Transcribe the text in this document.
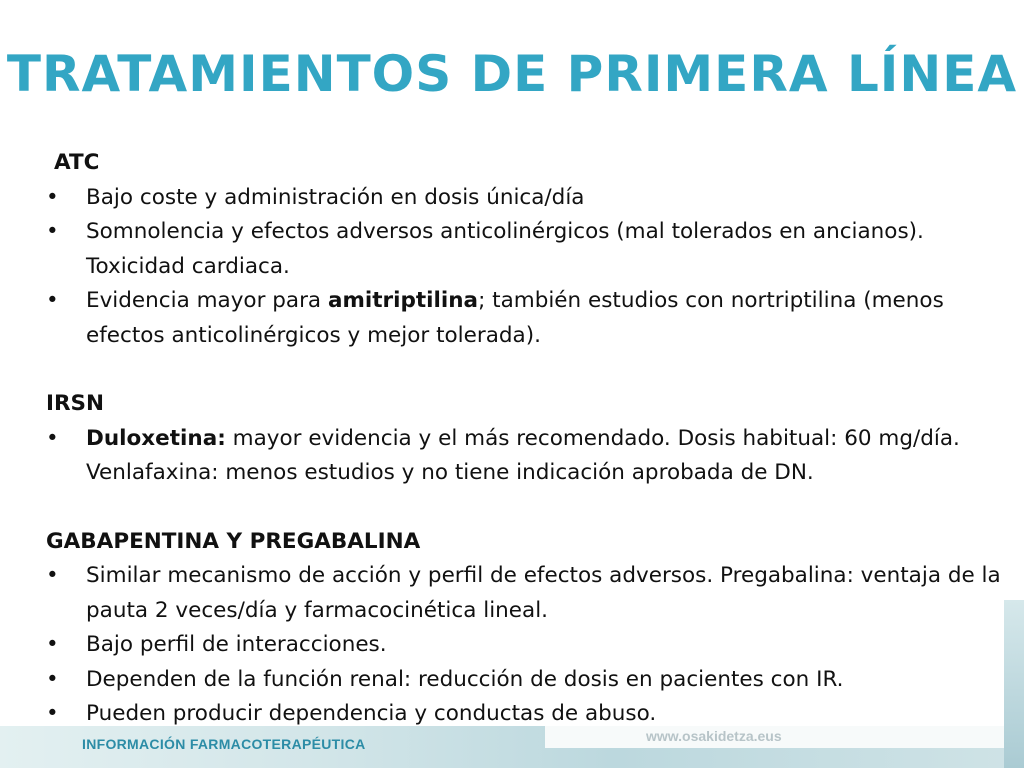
TRATAMIENTOS DE PRIMERA LÍNEA

ATC

• Bajo coste y administración en dosis única/día
• Somnolencia y efectos adversos anticolinérgicos (mal tolerados en ancianos). Toxicidad cardiaca.
• Evidencia mayor para amitriptilina; también estudios con nortriptilina (menos efectos anticolinérgicos y mejor tolerada).

IRSN

• Duloxetina: mayor evidencia y el más recomendado. Dosis habitual: 60 mg/día. Venlafaxina: menos estudios y no tiene indicación aprobada de DN.

GABAPENTINA Y PREGABALINA

• Similar mecanismo de acción y perfil de efectos adversos. Pregabalina: ventaja de la pauta 2 veces/día y farmacocinética lineal.
• Bajo perfil de interacciones.
• Dependen de la función renal: reducción de dosis en pacientes con IR.
• Pueden producir dependencia y conductas de abuso.
INFORMACIÓN FARMACOTERAPÉUTICA	www.osakidetza.eus
